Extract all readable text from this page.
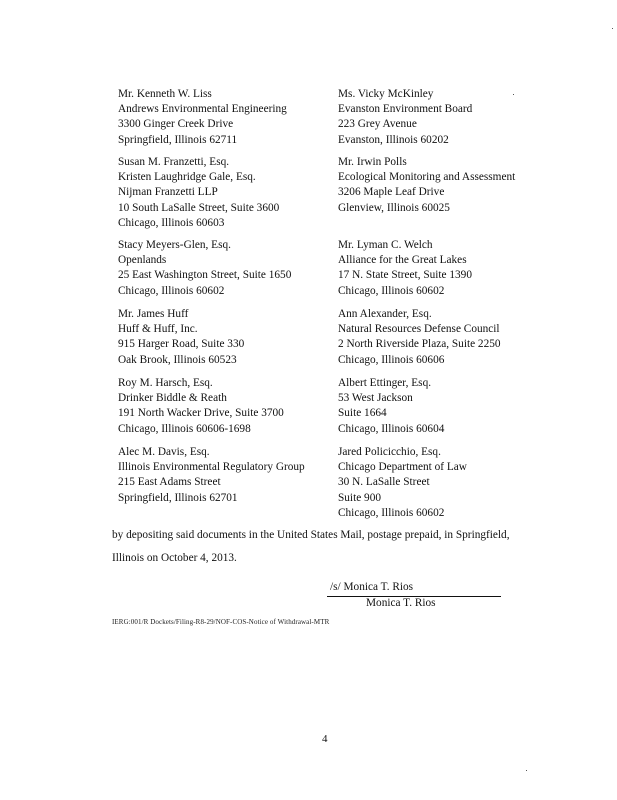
Mr. Kenneth W. Liss
Andrews Environmental Engineering
3300 Ginger Creek Drive
Springfield, Illinois 62711
Ms. Vicky McKinley
Evanston Environment Board
223 Grey Avenue
Evanston, Illinois 60202
Susan M. Franzetti, Esq.
Kristen Laughridge Gale, Esq.
Nijman Franzetti LLP
10 South LaSalle Street, Suite 3600
Chicago, Illinois 60603
Mr. Irwin Polls
Ecological Monitoring and Assessment
3206 Maple Leaf Drive
Glenview, Illinois 60025
Stacy Meyers-Glen, Esq.
Openlands
25 East Washington Street, Suite 1650
Chicago, Illinois 60602
Mr. Lyman C. Welch
Alliance for the Great Lakes
17 N. State Street, Suite 1390
Chicago, Illinois 60602
Mr. James Huff
Huff & Huff, Inc.
915 Harger Road, Suite 330
Oak Brook, Illinois 60523
Ann Alexander, Esq.
Natural Resources Defense Council
2 North Riverside Plaza, Suite 2250
Chicago, Illinois 60606
Roy M. Harsch, Esq.
Drinker Biddle & Reath
191 North Wacker Drive, Suite 3700
Chicago, Illinois 60606-1698
Albert Ettinger, Esq.
53 West Jackson
Suite 1664
Chicago, Illinois 60604
Alec M. Davis, Esq.
Illinois Environmental Regulatory Group
215 East Adams Street
Springfield, Illinois 62701
Jared Policicchio, Esq.
Chicago Department of Law
30 N. LaSalle Street
Suite 900
Chicago, Illinois 60602
by depositing said documents in the United States Mail, postage prepaid, in Springfield,
Illinois on October 4, 2013.
/s/ Monica T. Rios
Monica T. Rios
IERG:001/R Dockets/Filing-R8-29/NOF-COS-Notice of Withdrawal-MTR
4
